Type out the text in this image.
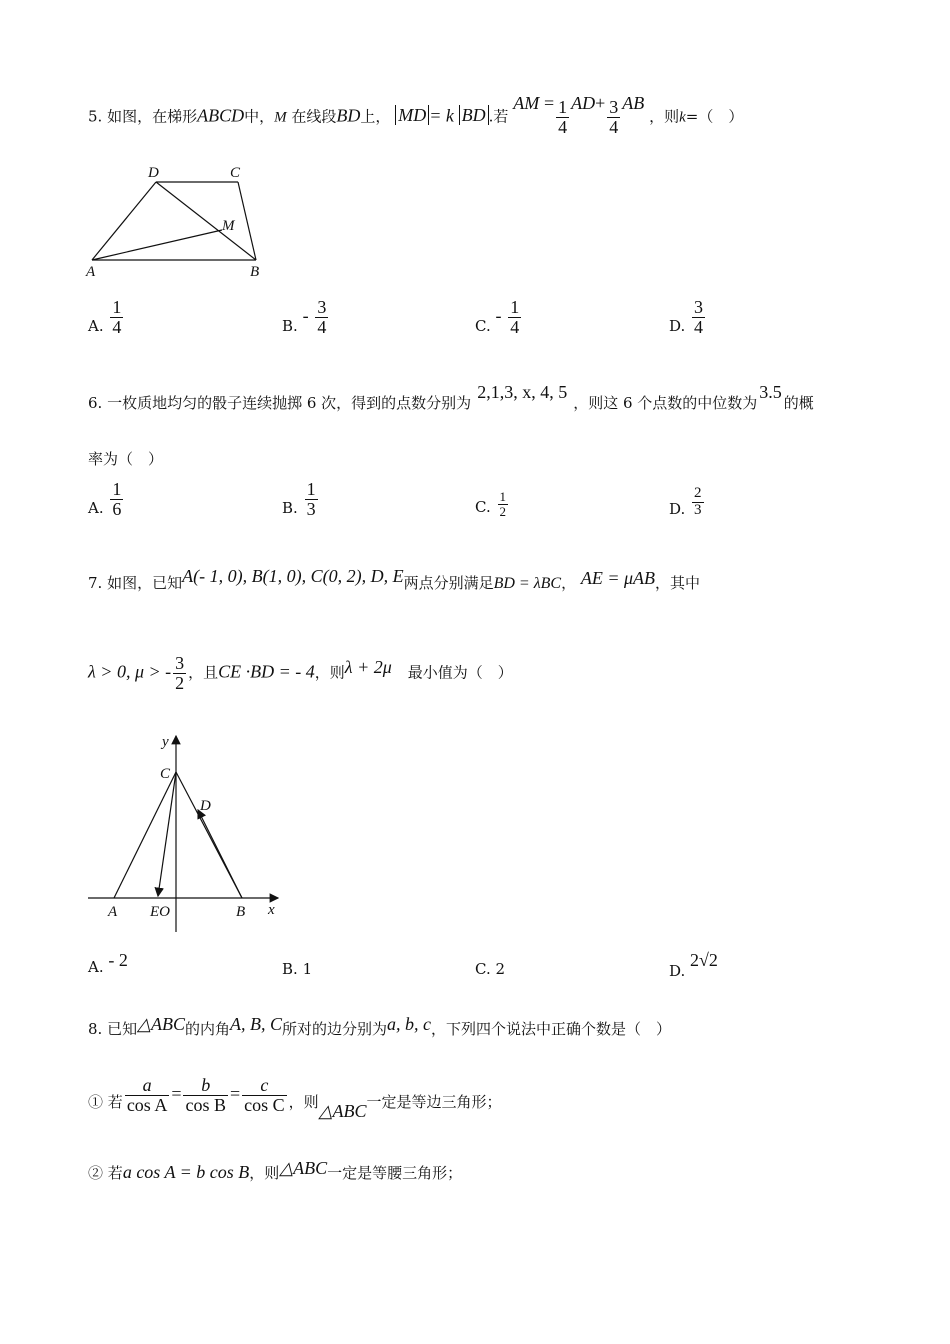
5. 如图，在梯形ABCD中，M 在线段BD上， MD = k BD .若 AM = $\frac{1}{4} AD+ \frac{3}{4}$ AB ，则k=（　）
D	C
M
A	B
A. $\frac{1}{4}$	B. - $\frac{3}{4}$	C. - $\frac{1}{4}$	D. $\frac{3}{4}$
6. 一枚质地均匀的骰子连续抛掷 6 次，得到的点数分别为2,1,3, x, 4, 5，则这 6 个点数的中位数为3.5的概
率为（　）
A. $\frac{1}{6}$	B. $\frac{1}{3}$	C. $\frac{1}{2}$	D. $\frac{2}{3}$
7. 如图，已知A(- 1, 0), B(1, 0), C(0, 2), D, E两点分别满足BD = λBC， AE = μAB，其中
λ > 0, μ > - $\frac{3}{2}$ ，且CE ·BD = - 4，则λ + 2μ 最小值为（　）
y
C
D
A EO	B x
A. - 2	B. 1	C. 2	D. 2√2
8. 已知△ABC的内角A, B, C所对的边分别为a, b, c，下列四个说法中正确个数是（　）
① 若 $\frac{a}{\text{cos A}} = \frac{b}{\text{cos B}} = \frac{c}{\text{cos C}}$ ，则△ABC一定是等边三角形；
② 若a cos A = b cos B，则△ABC一定是等腰三角形；
